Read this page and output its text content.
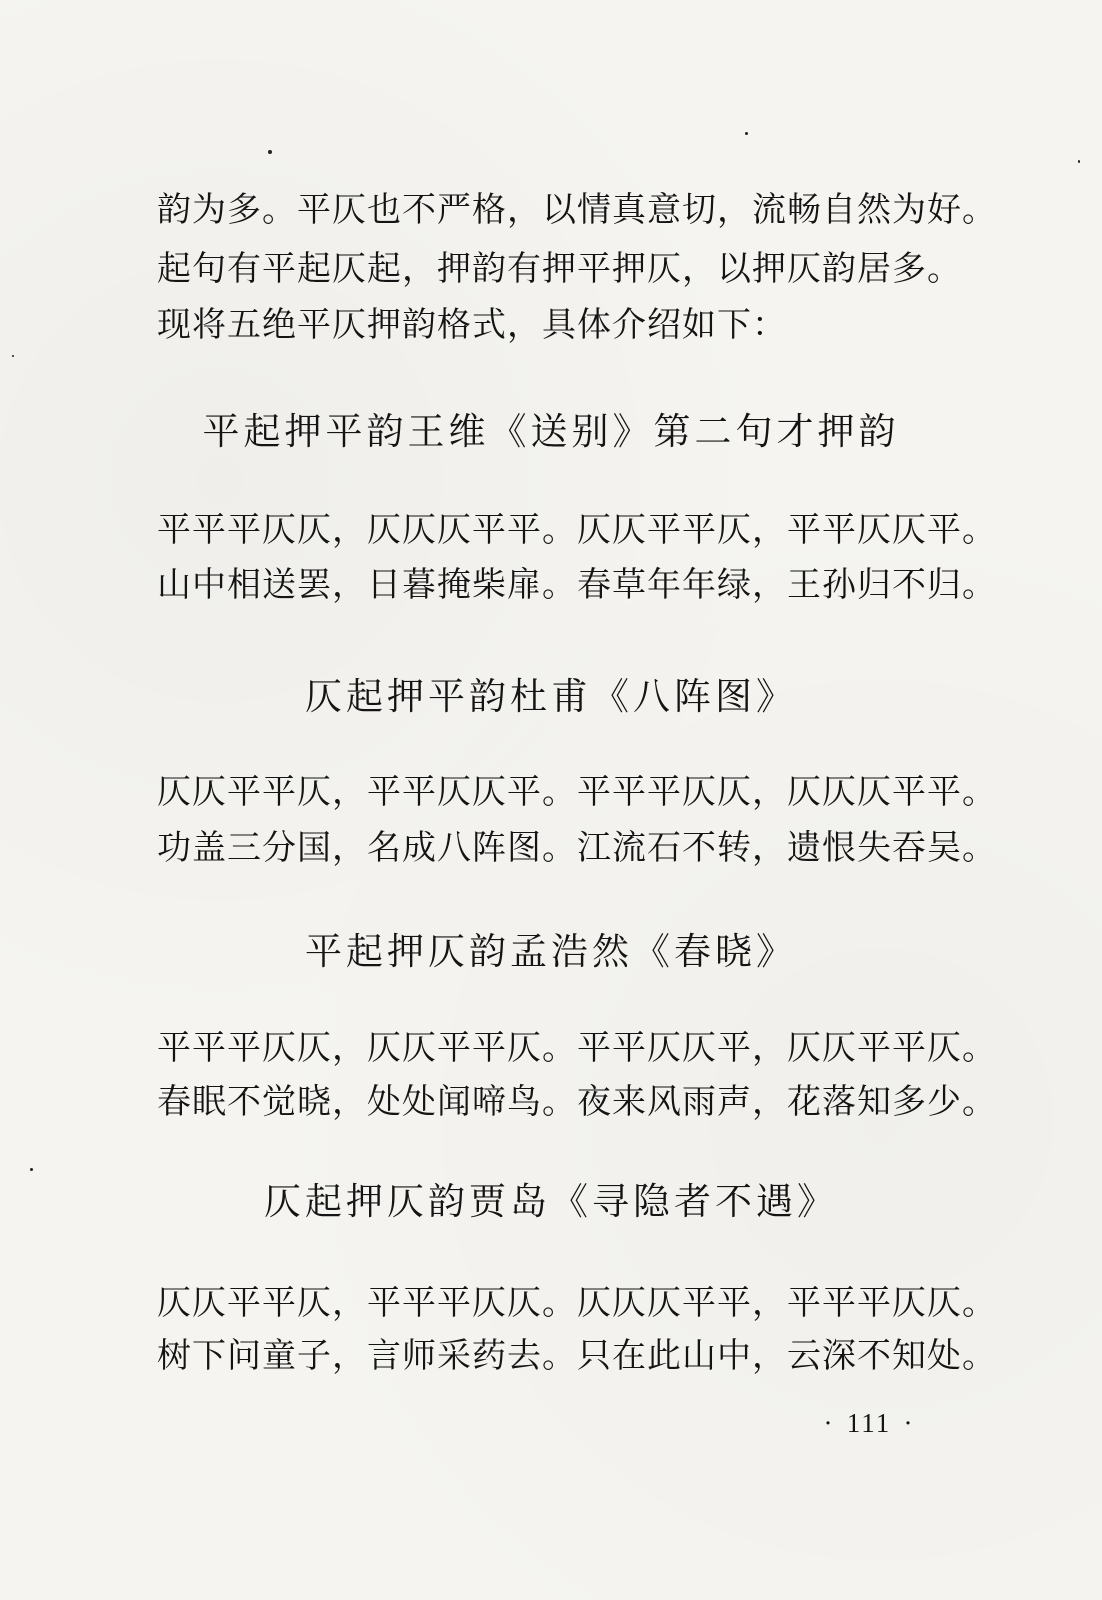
韵为多。平仄也不严格，以情真意切，流畅自然为好。
起句有平起仄起，押韵有押平押仄，以押仄韵居多。
现将五绝平仄押韵格式，具体介绍如下：
平起押平韵王维《送别》第二句才押韵
平平平仄仄，仄仄仄平平。仄仄平平仄，平平仄仄平。
山中相送罢，日暮掩柴扉。春草年年绿，王孙归不归。
仄起押平韵杜甫《八阵图》
仄仄平平仄，平平仄仄平。平平平仄仄，仄仄仄平平。
功盖三分国，名成八阵图。江流石不转，遗恨失吞吴。
平起押仄韵孟浩然《春晓》
平平平仄仄，仄仄平平仄。平平仄仄平，仄仄平平仄。
春眠不觉晓，处处闻啼鸟。夜来风雨声，花落知多少。
仄起押仄韵贾岛《寻隐者不遇》
仄仄平平仄，平平平仄仄。仄仄仄平平，平平平仄仄。
树下问童子，言师采药去。只在此山中，云深不知处。
· 111 ·
